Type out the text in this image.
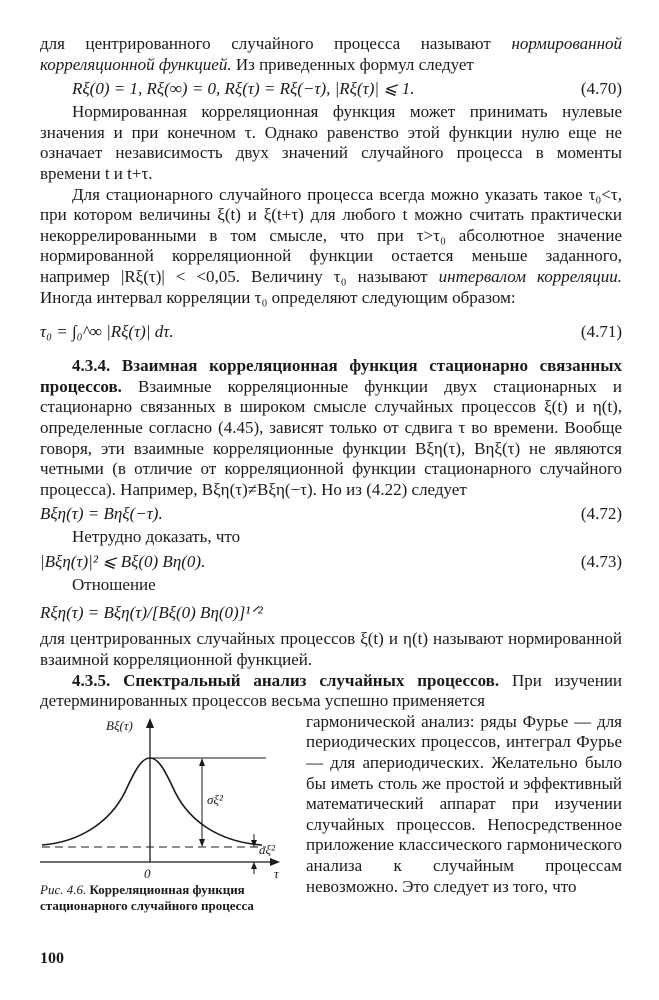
для центрированного случайного процесса называют нормированной корреляционной функцией. Из приведенных формул следует

Rξ(0) = 1, Rξ(∞) = 0, Rξ(τ) = Rξ(−τ), |Rξ(τ)| ⩽ 1.	(4.70)

Нормированная корреляционная функция может принимать нулевые значения и при конечном τ. Однако равенство этой функции нулю еще не означает независимость двух значений случайного процесса в моменты времени t и t+τ.

Для стационарного случайного процесса всегда можно указать такое τ₀<τ, при котором величины ξ(t) и ξ(t+τ) для любого t можно считать практически некоррелированными в том смысле, что при τ>τ₀ абсолютное значение нормированной корреляционной функции остается меньше заданного, например |Rξ(τ)| < <0,05. Величину τ₀ называют интервалом корреляции. Иногда интервал корреляции τ₀ определяют следующим образом:

τ₀ = ∫₀^∞ |Rξ(τ)| dτ.	(4.71)

4.3.4. Взаимная корреляционная функция стационарно связанных процессов. Взаимные корреляционные функции двух стационарных и стационарно связанных в широком смысле случайных процессов ξ(t) и η(t), определенные согласно (4.45), зависят только от сдвига τ во времени. Вообще говоря, эти взаимные корреляционные функции Bξη(τ), Bηξ(τ) не являются четными (в отличие от корреляционной функции стационарного случайного процесса). Например, Bξη(τ)≠Bξη(−τ). Но из (4.22) следует

Bξη(τ) = Bηξ(−τ).	(4.72)

Нетрудно доказать, что

|Bξη(τ)|² ⩽ Bξ(0) Bη(0).	(4.73)

Отношение

Rξη(τ) = Bξη(τ)/[Bξ(0) Bη(0)]¹ᐟ²

для центрированных случайных процессов ξ(t) и η(t) называют нормированной взаимной корреляционной функцией.

4.3.5. Спектральный анализ случайных процессов. При изучении детерминированных процессов весьма успешно применяется

Bξ(τ)
σξ²
aξ²
0	τ
Рис. 4.6. Корреляционная функция стационарного случайного процесса

гармонической анализ: ряды Фурье — для периодических процессов, интеграл Фурье — для апериодических. Желательно было бы иметь столь же простой и эффективный математический аппарат при изучении случайных процессов. Непосредственное приложение классического гармонического анализа к случайным процессам невозможно. Это следует из того, что

100
